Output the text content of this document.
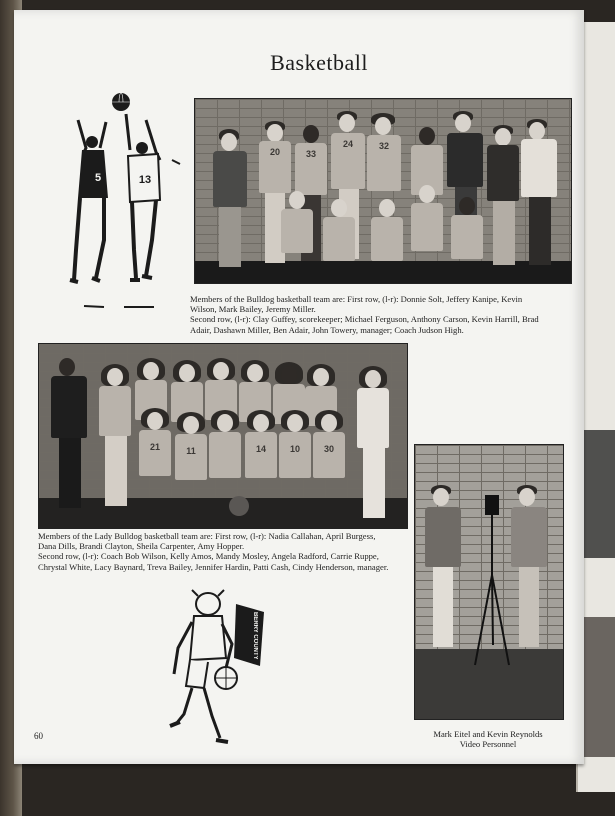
Basketball
5	13
20	33
24	32
Members of the Bulldog basketball team are: First row, (l-r): Donnie Solt, Jeffery Kanipe, Kevin
Wilson, Mark Bailey, Jeremy Miller.
Second row, (l-r): Clay Guffey, scorekeeper; Michael Ferguson, Anthony Carson, Kevin Harrill, Brad
Adair, Dashawn Miller, Ben Adair, John Towery, manager; Coach Judson High.
21	11	14	10	30
Members of the Lady Bulldog basketball team are: First row, (l-r): Nadia Callahan, April Burgess,
Dana Dills, Brandi Clayton, Sheila Carpenter, Amy Hopper.
Second row, (l-r): Coach Bob Wilson, Kelly Amos, Mandy Mosley, Angela Radford, Carrie Ruppe,
Chrystal White, Lacy Baynard, Treva Bailey, Jennifer Hardin, Patti Cash, Cindy Henderson, manager.
BERRY COUNTY
Mark Eitel and Kevin Reynolds
Video Personnel
60
